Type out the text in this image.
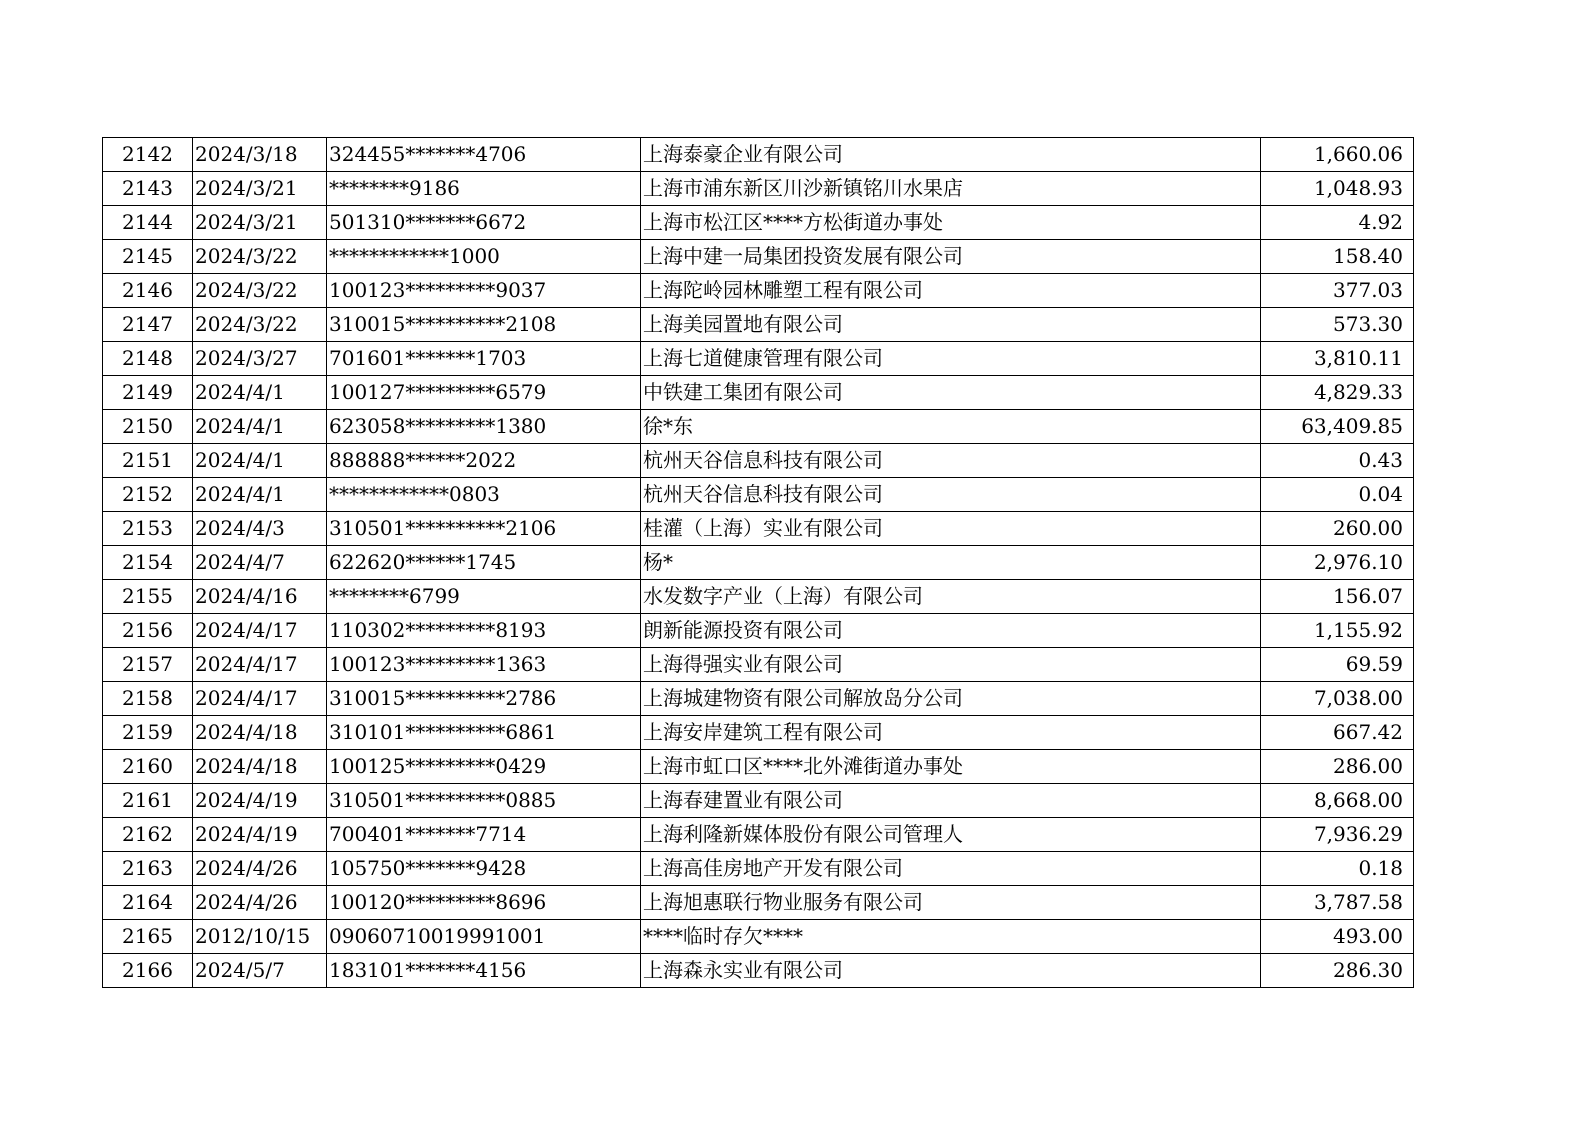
2142	2024/3/18	324455*******4706	上海泰豪企业有限公司	1,660.06
2143	2024/3/21	********9186	上海市浦东新区川沙新镇铭川水果店	1,048.93
2144	2024/3/21	501310*******6672	上海市松江区****方松街道办事处	4.92
2145	2024/3/22	************1000	上海中建一局集团投资发展有限公司	158.40
2146	2024/3/22	100123*********9037	上海陀岭园林雕塑工程有限公司	377.03
2147	2024/3/22	310015**********2108	上海美园置地有限公司	573.30
2148	2024/3/27	701601*******1703	上海七道健康管理有限公司	3,810.11
2149	2024/4/1	100127*********6579	中铁建工集团有限公司	4,829.33
2150	2024/4/1	623058*********1380	徐*东	63,409.85
2151	2024/4/1	888888******2022	杭州天谷信息科技有限公司	0.43
2152	2024/4/1	************0803	杭州天谷信息科技有限公司	0.04
2153	2024/4/3	310501**********2106	桂灌（上海）实业有限公司	260.00
2154	2024/4/7	622620******1745	杨*	2,976.10
2155	2024/4/16	********6799	水发数字产业（上海）有限公司	156.07
2156	2024/4/17	110302*********8193	朗新能源投资有限公司	1,155.92
2157	2024/4/17	100123*********1363	上海得强实业有限公司	69.59
2158	2024/4/17	310015**********2786	上海城建物资有限公司解放岛分公司	7,038.00
2159	2024/4/18	310101**********6861	上海安岸建筑工程有限公司	667.42
2160	2024/4/18	100125*********0429	上海市虹口区****北外滩街道办事处	286.00
2161	2024/4/19	310501**********0885	上海春建置业有限公司	8,668.00
2162	2024/4/19	700401*******7714	上海利隆新媒体股份有限公司管理人	7,936.29
2163	2024/4/26	105750*******9428	上海高佳房地产开发有限公司	0.18
2164	2024/4/26	100120*********8696	上海旭惠联行物业服务有限公司	3,787.58
2165	2012/10/15	09060710019991001	****临时存欠****	493.00
2166	2024/5/7	183101*******4156	上海森永实业有限公司	286.30
